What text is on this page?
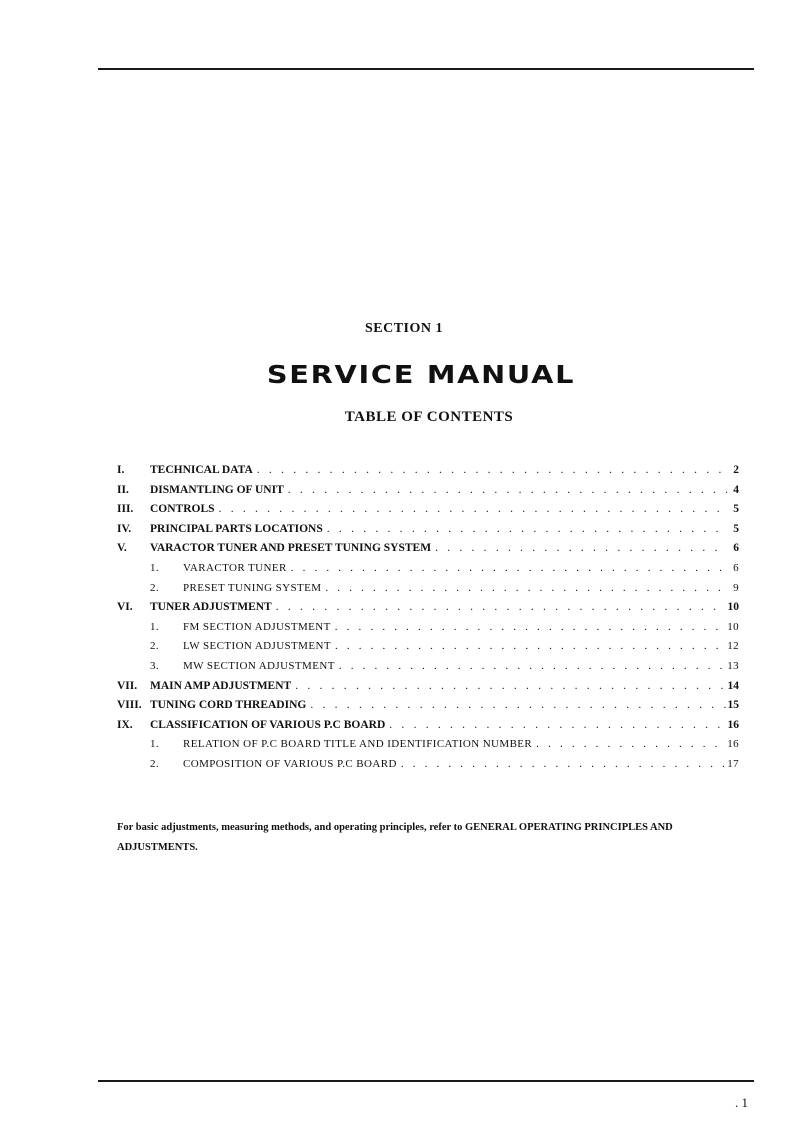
SECTION 1
SERVICE MANUAL
TABLE OF CONTENTS
I.	TECHNICAL DATA . . .	2
II.	DISMANTLING OF UNIT . . .	4
III.	CONTROLS . . .	5
IV.	PRINCIPAL PARTS LOCATIONS . . .	5
V.	VARACTOR TUNER AND PRESET TUNING SYSTEM . . .	6
1.	VARACTOR TUNER . . .	6
2.	PRESET TUNING SYSTEM . . .	9
VI.	TUNER ADJUSTMENT . . .	10
1.	FM SECTION ADJUSTMENT . . .	10
2.	LW SECTION ADJUSTMENT . . .	12
3.	MW SECTION ADJUSTMENT . . .	13
VII.	MAIN AMP ADJUSTMENT . . .	14
VIII. TUNING CORD THREADING . . .	15
IX.	CLASSIFICATION OF VARIOUS P.C BOARD . . .	16
1.	RELATION OF P.C BOARD TITLE AND IDENTIFICATION NUMBER . . .	16
2.	COMPOSITION OF VARIOUS P.C BOARD . . .	17
For basic adjustments, measuring methods, and operating principles, refer to GENERAL OPERATING PRINCIPLES AND ADJUSTMENTS.
. 1
